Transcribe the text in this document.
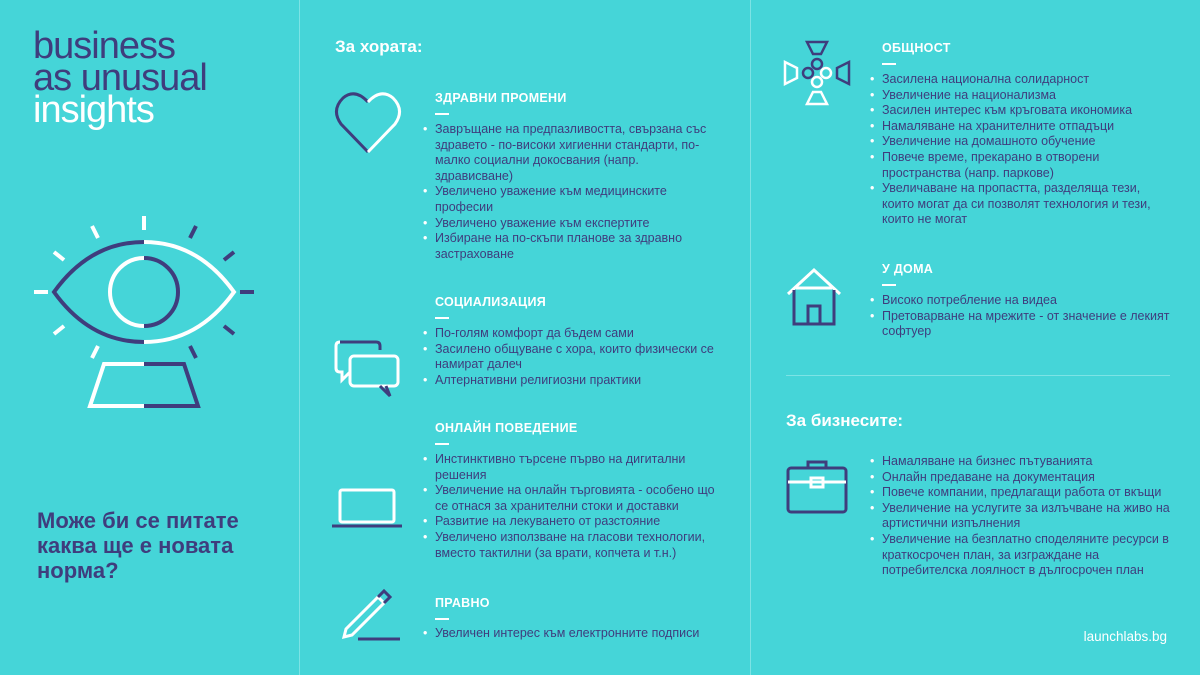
business
as unusual
insights
Може би се питате каква ще е новата норма?
За хората:
ЗДРАВНИ ПРОМЕНИ
• Завръщане на предпазливостта, свързана със здравето - по-високи хигиенни стандарти, по-малко социални докосвания (напр. здрависване)
• Увеличено уважение към медицинските професии
• Увеличено уважение към експертите
• Избиране на по-скъпи планове за здравно застраховане
СОЦИАЛИЗАЦИЯ
• По-голям комфорт да бъдем сами
• Засилено общуване с хора, които физически се намират далеч
• Алтернативни религиозни практики
ОНЛАЙН ПОВЕДЕНИЕ
• Инстинктивно търсене първо на дигитални решения
• Увеличение на онлайн търговията - особено що се отнася за хранителни стоки и доставки
• Развитие на лекуването от разстояние
• Увеличено използване на гласови технологии, вместо тактилни (за врати, копчета и т.н.)
ПРАВНО
• Увеличен интерес към електронните подписи
ОБЩНОСТ
• Засилена национална солидарност
• Увеличение на национализма
• Засилен интерес към кръговата икономика
• Намаляване на хранителните отпадъци
• Увеличение на домашното обучение
• Повече време, прекарано в отворени пространства (напр. паркове)
• Увеличаване на пропастта, разделяща тези, които могат да си позволят технология и тези, които не могат
У ДОМА
• Високо потребление на видеа
• Претоварване на мрежите - от значение е лекият софтуер
За бизнесите:
• Намаляване на бизнес пътуванията
• Онлайн предаване на документация
• Повече компании, предлагащи работа от вкъщи
• Увеличение на услугите за излъчване на живо на артистични изпълнения
• Увеличение на безплатно споделяните ресурси в краткосрочен план, за изграждане на потребителска лоялност в дългосрочен план
launchlabs.bg
